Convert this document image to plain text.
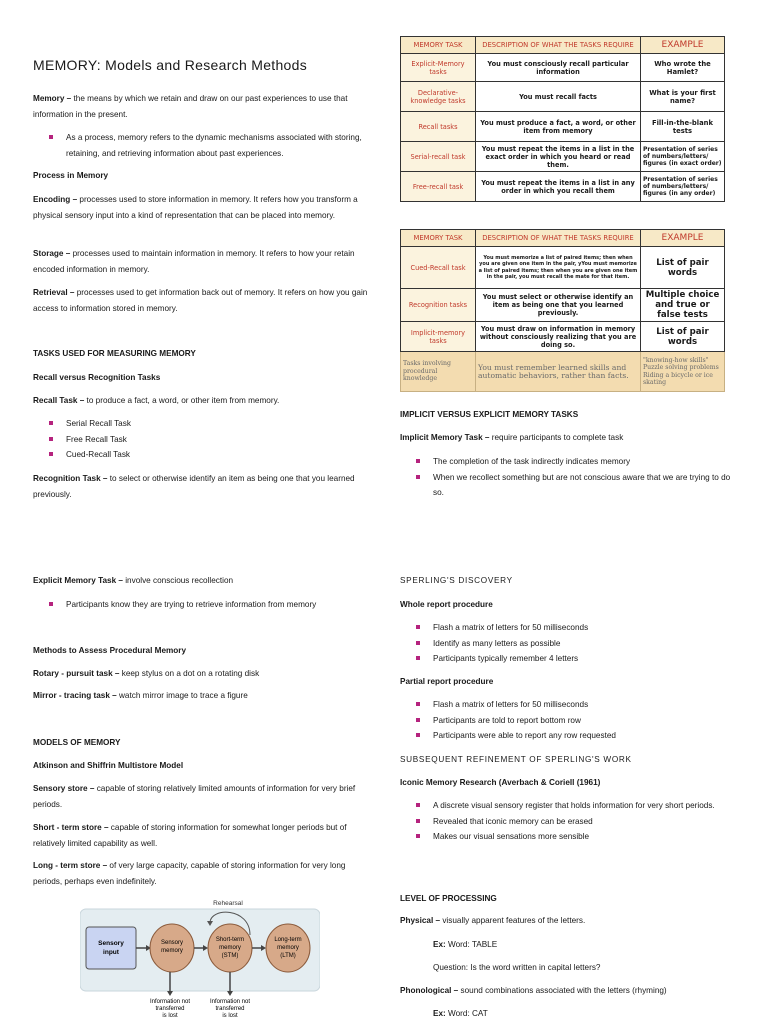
MEMORY: Models and Research Methods

Memory – the means by which we retain and draw on our past experiences to use that information in the present.

As a process, memory refers to the dynamic mechanisms associated with storing, retaining, and retrieving information about past experiences.

Process in Memory

Encoding – processes used to store information in memory. It refers how you transform a physical sensory input into a kind of representation that can be placed into memory.

Storage – processes used to maintain information in memory. It refers to how your retain encoded information in memory.

Retrieval – processes used to get information back out of memory. It refers on how you gain access to information stored in memory.

TASKS USED FOR MEASURING MEMORY

Recall versus Recognition Tasks

Recall Task – to produce a fact, a word, or other item from memory.

Serial Recall Task
Free Recall Task
Cued-Recall Task

Recognition Task – to select or otherwise identify an item as being one that you learned previously.

Explicit Memory Task – involve conscious recollection

Participants know they are trying to retrieve information from memory

Methods to Assess Procedural Memory

Rotary - pursuit task – keep stylus on a dot on a rotating disk

Mirror - tracing task – watch mirror image to trace a figure

MODELS OF MEMORY

Atkinson and Shiffrin Multistore Model

Sensory store – capable of storing relatively limited amounts of information for very brief periods.

Short - term store – capable of storing information for somewhat longer periods but of relatively limited capability as well.

Long - term store – of very large capacity, capable of storing information for very long periods, perhaps even indefinitely.

Rehearsal
Sensory
input
Sensory
memory
Short-term
memory
(STM)
Long-term
memory
(LTM)
Information not
transferred
is lost
Information not
transferred
is lost
MEMORY TASK	DESCRIPTION OF WHAT THE TASKS REQUIRE	EXAMPLE
Explicit-Memory tasks	You must consciously recall particular information	Who wrote the Hamlet?
Declarative-knowledge tasks	You must recall facts	What is your first name?
Recall tasks	You must produce a fact, a word, or other item from memory	Fill-in-the-blank tests
Serial-recall task	You must repeat the items in a list in the exact order in which you heard or read them.	Presentation of series of numbers/letters/ figures (in exact order)
Free-recall task	You must repeat the items in a list in any order in which you recall them	Presentation of series of numbers/letters/ figures (in any order)
MEMORY TASK	DESCRIPTION OF WHAT THE TASKS REQUIRE	EXAMPLE
Cued-Recall task	You must memorize a list of paired items; then when you are given one item in the pair, yYou must memorize a list of paired items; then when you are given one item in the pair, you must recall the mate for that item.	List of pair words
Recognition tasks	You must select or otherwise identify an item as being one that you learned previously.	Multiple choice and true or false tests
Implicit-memory tasks	You must draw on information in memory without consciously realizing that you are doing so.	List of pair words
Tasks involving procedural knowledge	You must remember learned skills and automatic behaviors, rather than facts.	"knowing-how skills" Puzzle solving problems Riding a bicycle or ice skating

IMPLICIT VERSUS EXPLICIT MEMORY TASKS

Implicit Memory Task – require participants to complete task

The completion of the task indirectly indicates memory
When we recollect something but are not conscious aware that we are trying to do so.

SPERLING'S DISCOVERY

Whole report procedure

Flash a matrix of letters for 50 milliseconds
Identify as many letters as possible
Participants typically remember 4 letters

Partial report procedure

Flash a matrix of letters for 50 milliseconds
Participants are told to report bottom row
Participants were able to report any row requested

SUBSEQUENT REFINEMENT OF SPERLING'S WORK

Iconic Memory Research (Averbach & Coriell (1961)

A discrete visual sensory register that holds information for very short periods.
Revealed that iconic memory can be erased
Makes our visual sensations more sensible

LEVEL OF PROCESSING

Physical – visually apparent features of the letters.

Ex: Word: TABLE

Question: Is the word written in capital letters?

Phonological – sound combinations associated with the letters (rhyming)

Ex: Word: CAT
